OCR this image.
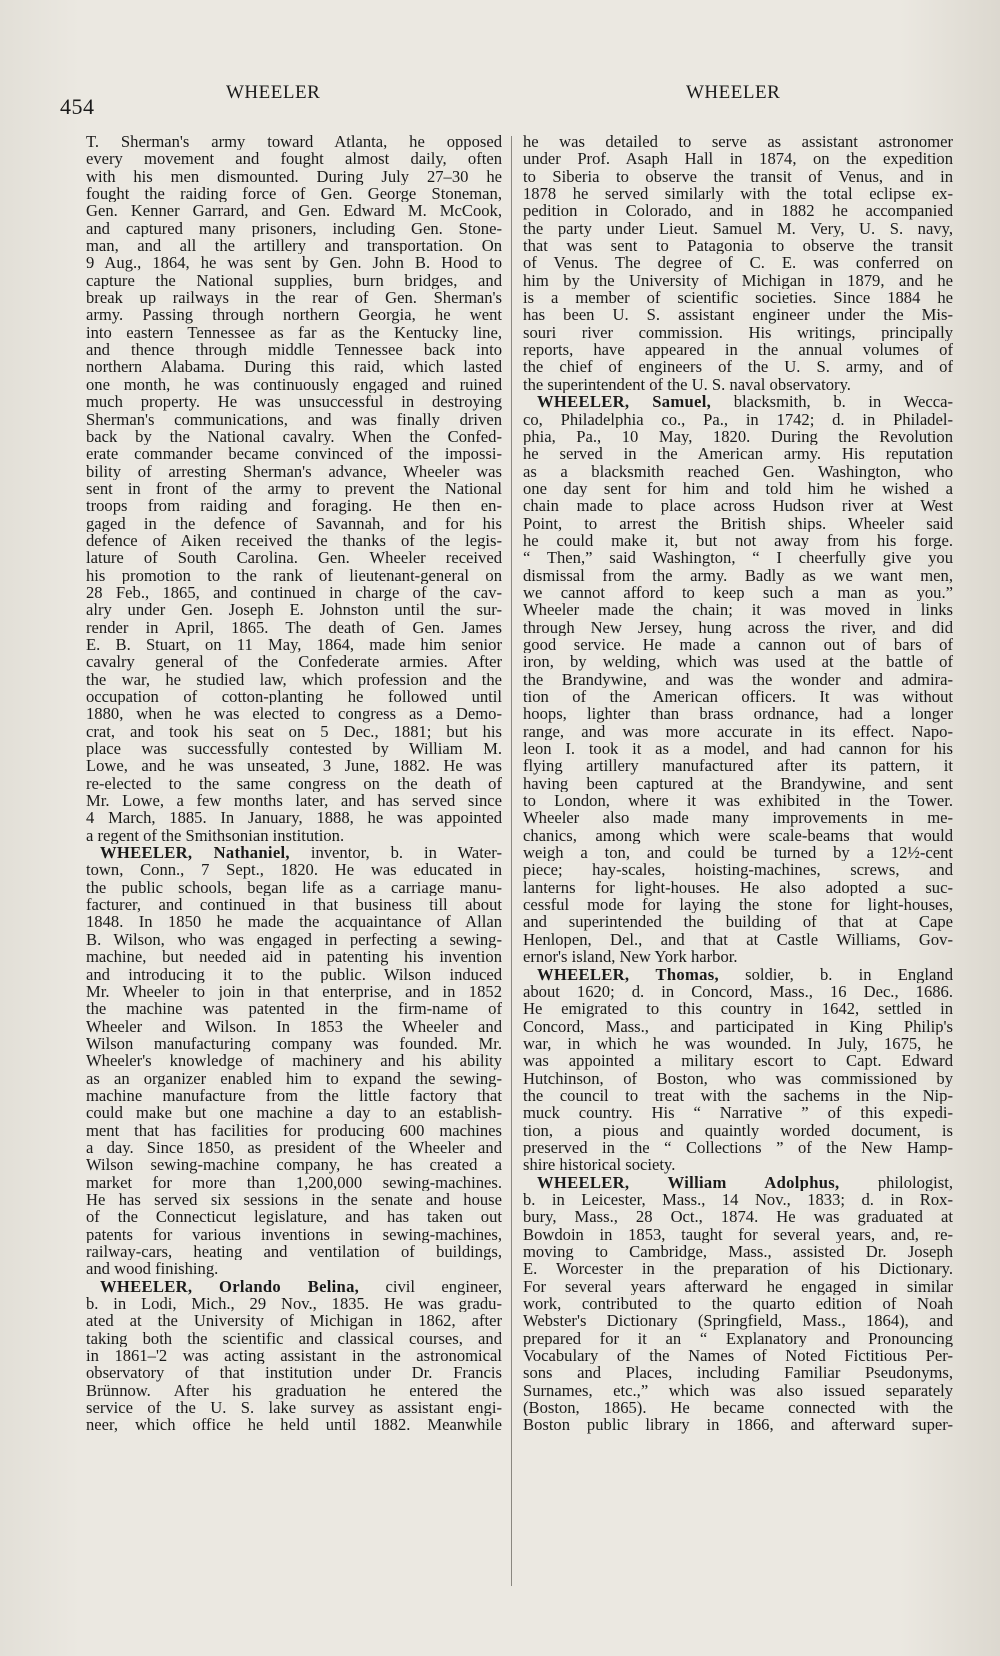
454
WHEELER	WHEELER
T. Sherman's army toward Atlanta, he opposed
every movement and fought almost daily, often
with his men dismounted. During July 27–30 he
fought the raiding force of Gen. George Stoneman,
Gen. Kenner Garrard, and Gen. Edward M. McCook,
and captured many prisoners, including Gen. Stone-
man, and all the artillery and transportation. On
9 Aug., 1864, he was sent by Gen. John B. Hood to
capture the National supplies, burn bridges, and
break up railways in the rear of Gen. Sherman's
army. Passing through northern Georgia, he went
into eastern Tennessee as far as the Kentucky line,
and thence through middle Tennessee back into
northern Alabama. During this raid, which lasted
one month, he was continuously engaged and ruined
much property. He was unsuccessful in destroying
Sherman's communications, and was finally driven
back by the National cavalry. When the Confed-
erate commander became convinced of the impossi-
bility of arresting Sherman's advance, Wheeler was
sent in front of the army to prevent the National
troops from raiding and foraging. He then en-
gaged in the defence of Savannah, and for his
defence of Aiken received the thanks of the legis-
lature of South Carolina. Gen. Wheeler received
his promotion to the rank of lieutenant-general on
28 Feb., 1865, and continued in charge of the cav-
alry under Gen. Joseph E. Johnston until the sur-
render in April, 1865. The death of Gen. James
E. B. Stuart, on 11 May, 1864, made him senior
cavalry general of the Confederate armies. After
the war, he studied law, which profession and the
occupation of cotton-planting he followed until
1880, when he was elected to congress as a Demo-
crat, and took his seat on 5 Dec., 1881; but his
place was successfully contested by William M.
Lowe, and he was unseated, 3 June, 1882. He was
re-elected to the same congress on the death of
Mr. Lowe, a few months later, and has served since
4 March, 1885. In January, 1888, he was appointed
a regent of the Smithsonian institution.
WHEELER, Nathaniel, inventor, b. in Water-
town, Conn., 7 Sept., 1820. He was educated in
the public schools, began life as a carriage manu-
facturer, and continued in that business till about
1848. In 1850 he made the acquaintance of Allan
B. Wilson, who was engaged in perfecting a sewing-
machine, but needed aid in patenting his invention
and introducing it to the public. Wilson induced
Mr. Wheeler to join in that enterprise, and in 1852
the machine was patented in the firm-name of
Wheeler and Wilson. In 1853 the Wheeler and
Wilson manufacturing company was founded. Mr.
Wheeler's knowledge of machinery and his ability
as an organizer enabled him to expand the sewing-
machine manufacture from the little factory that
could make but one machine a day to an establish-
ment that has facilities for producing 600 machines
a day. Since 1850, as president of the Wheeler and
Wilson sewing-machine company, he has created a
market for more than 1,200,000 sewing-machines.
He has served six sessions in the senate and house
of the Connecticut legislature, and has taken out
patents for various inventions in sewing-machines,
railway-cars, heating and ventilation of buildings,
and wood finishing.
WHEELER, Orlando Belina, civil engineer,
b. in Lodi, Mich., 29 Nov., 1835. He was gradu-
ated at the University of Michigan in 1862, after
taking both the scientific and classical courses, and
in 1861–'2 was acting assistant in the astronomical
observatory of that institution under Dr. Francis
Brünnow. After his graduation he entered the
service of the U. S. lake survey as assistant engi-
neer, which office he held until 1882. Meanwhile
he was detailed to serve as assistant astronomer
under Prof. Asaph Hall in 1874, on the expedition
to Siberia to observe the transit of Venus, and in
1878 he served similarly with the total eclipse ex-
pedition in Colorado, and in 1882 he accompanied
the party under Lieut. Samuel M. Very, U. S. navy,
that was sent to Patagonia to observe the transit
of Venus. The degree of C. E. was conferred on
him by the University of Michigan in 1879, and he
is a member of scientific societies. Since 1884 he
has been U. S. assistant engineer under the Mis-
souri river commission. His writings, principally
reports, have appeared in the annual volumes of
the chief of engineers of the U. S. army, and of
the superintendent of the U. S. naval observatory.
WHEELER, Samuel, blacksmith, b. in Wecca-
co, Philadelphia co., Pa., in 1742; d. in Philadel-
phia, Pa., 10 May, 1820. During the Revolution
he served in the American army. His reputation
as a blacksmith reached Gen. Washington, who
one day sent for him and told him he wished a
chain made to place across Hudson river at West
Point, to arrest the British ships. Wheeler said
he could make it, but not away from his forge.
“ Then,” said Washington, “ I cheerfully give you
dismissal from the army. Badly as we want men,
we cannot afford to keep such a man as you.”
Wheeler made the chain; it was moved in links
through New Jersey, hung across the river, and did
good service. He made a cannon out of bars of
iron, by welding, which was used at the battle of
the Brandywine, and was the wonder and admira-
tion of the American officers. It was without
hoops, lighter than brass ordnance, had a longer
range, and was more accurate in its effect. Napo-
leon I. took it as a model, and had cannon for his
flying artillery manufactured after its pattern, it
having been captured at the Brandywine, and sent
to London, where it was exhibited in the Tower.
Wheeler also made many improvements in me-
chanics, among which were scale-beams that would
weigh a ton, and could be turned by a 12½-cent
piece; hay-scales, hoisting-machines, screws, and
lanterns for light-houses. He also adopted a suc-
cessful mode for laying the stone for light-houses,
and superintended the building of that at Cape
Henlopen, Del., and that at Castle Williams, Gov-
ernor's island, New York harbor.
WHEELER, Thomas, soldier, b. in England
about 1620; d. in Concord, Mass., 16 Dec., 1686.
He emigrated to this country in 1642, settled in
Concord, Mass., and participated in King Philip's
war, in which he was wounded. In July, 1675, he
was appointed a military escort to Capt. Edward
Hutchinson, of Boston, who was commissioned by
the council to treat with the sachems in the Nip-
muck country. His “ Narrative ” of this expedi-
tion, a pious and quaintly worded document, is
preserved in the “ Collections ” of the New Hamp-
shire historical society.
WHEELER, William Adolphus, philologist,
b. in Leicester, Mass., 14 Nov., 1833; d. in Rox-
bury, Mass., 28 Oct., 1874. He was graduated at
Bowdoin in 1853, taught for several years, and, re-
moving to Cambridge, Mass., assisted Dr. Joseph
E. Worcester in the preparation of his Dictionary.
For several years afterward he engaged in similar
work, contributed to the quarto edition of Noah
Webster's Dictionary (Springfield, Mass., 1864), and
prepared for it an “ Explanatory and Pronouncing
Vocabulary of the Names of Noted Fictitious Per-
sons and Places, including Familiar Pseudonyms,
Surnames, etc.,” which was also issued separately
(Boston, 1865). He became connected with the
Boston public library in 1866, and afterward super-
